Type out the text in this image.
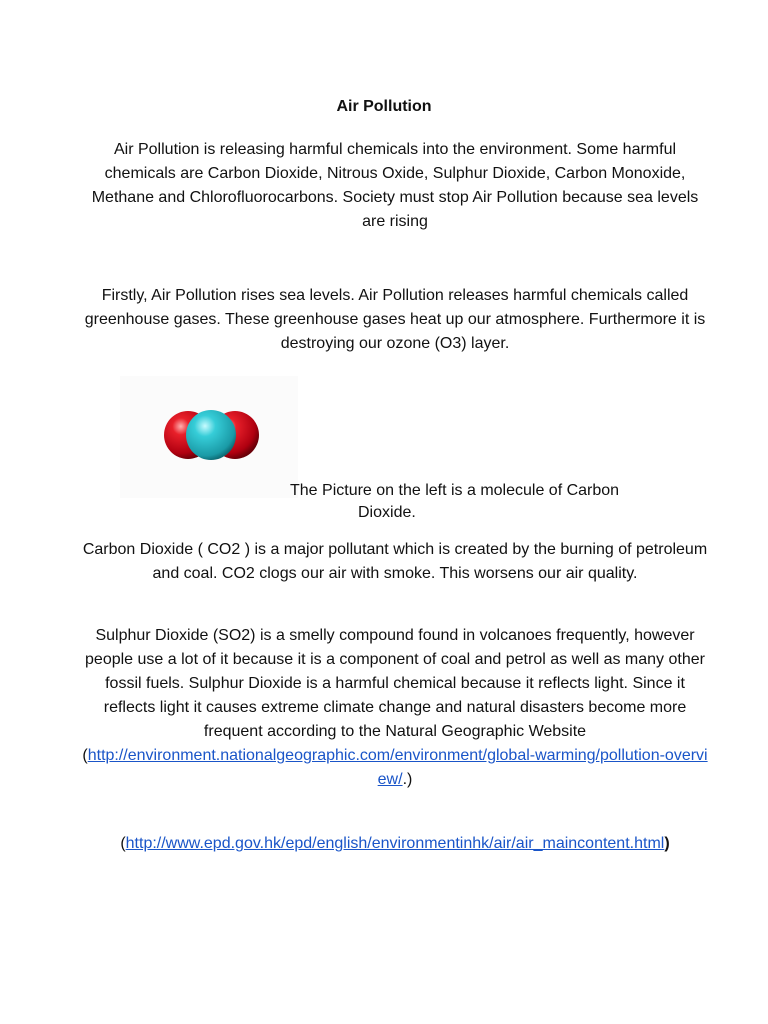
Air Pollution
Air Pollution is releasing harmful chemicals into the environment. Some harmful chemicals are Carbon Dioxide, Nitrous Oxide, Sulphur Dioxide, Carbon Monoxide, Methane and Chlorofluorocarbons. Society must stop Air Pollution because sea levels are rising
Firstly, Air Pollution rises sea levels. Air Pollution releases harmful chemicals called greenhouse gases. These greenhouse gases heat up our atmosphere. Furthermore it is destroying our ozone (O3) layer.
The Picture on the left is a molecule of Carbon
Dioxide.
Carbon Dioxide ( CO2 ) is a major pollutant which is created by the burning of petroleum and coal. CO2 clogs our air with smoke. This worsens our air quality.
Sulphur Dioxide (SO2) is a smelly compound found in volcanoes frequently, however people use a lot of it because it is a component of coal and petrol as well as many other fossil fuels. Sulphur Dioxide is a harmful chemical because it reflects light. Since it reflects light it causes extreme climate change and natural disasters become more frequent according to the Natural Geographic Website
(http://environment.nationalgeographic.com/environment/global-warming/pollution-overview/.)
(http://www.epd.gov.hk/epd/english/environmentinhk/air/air_maincontent.html)
